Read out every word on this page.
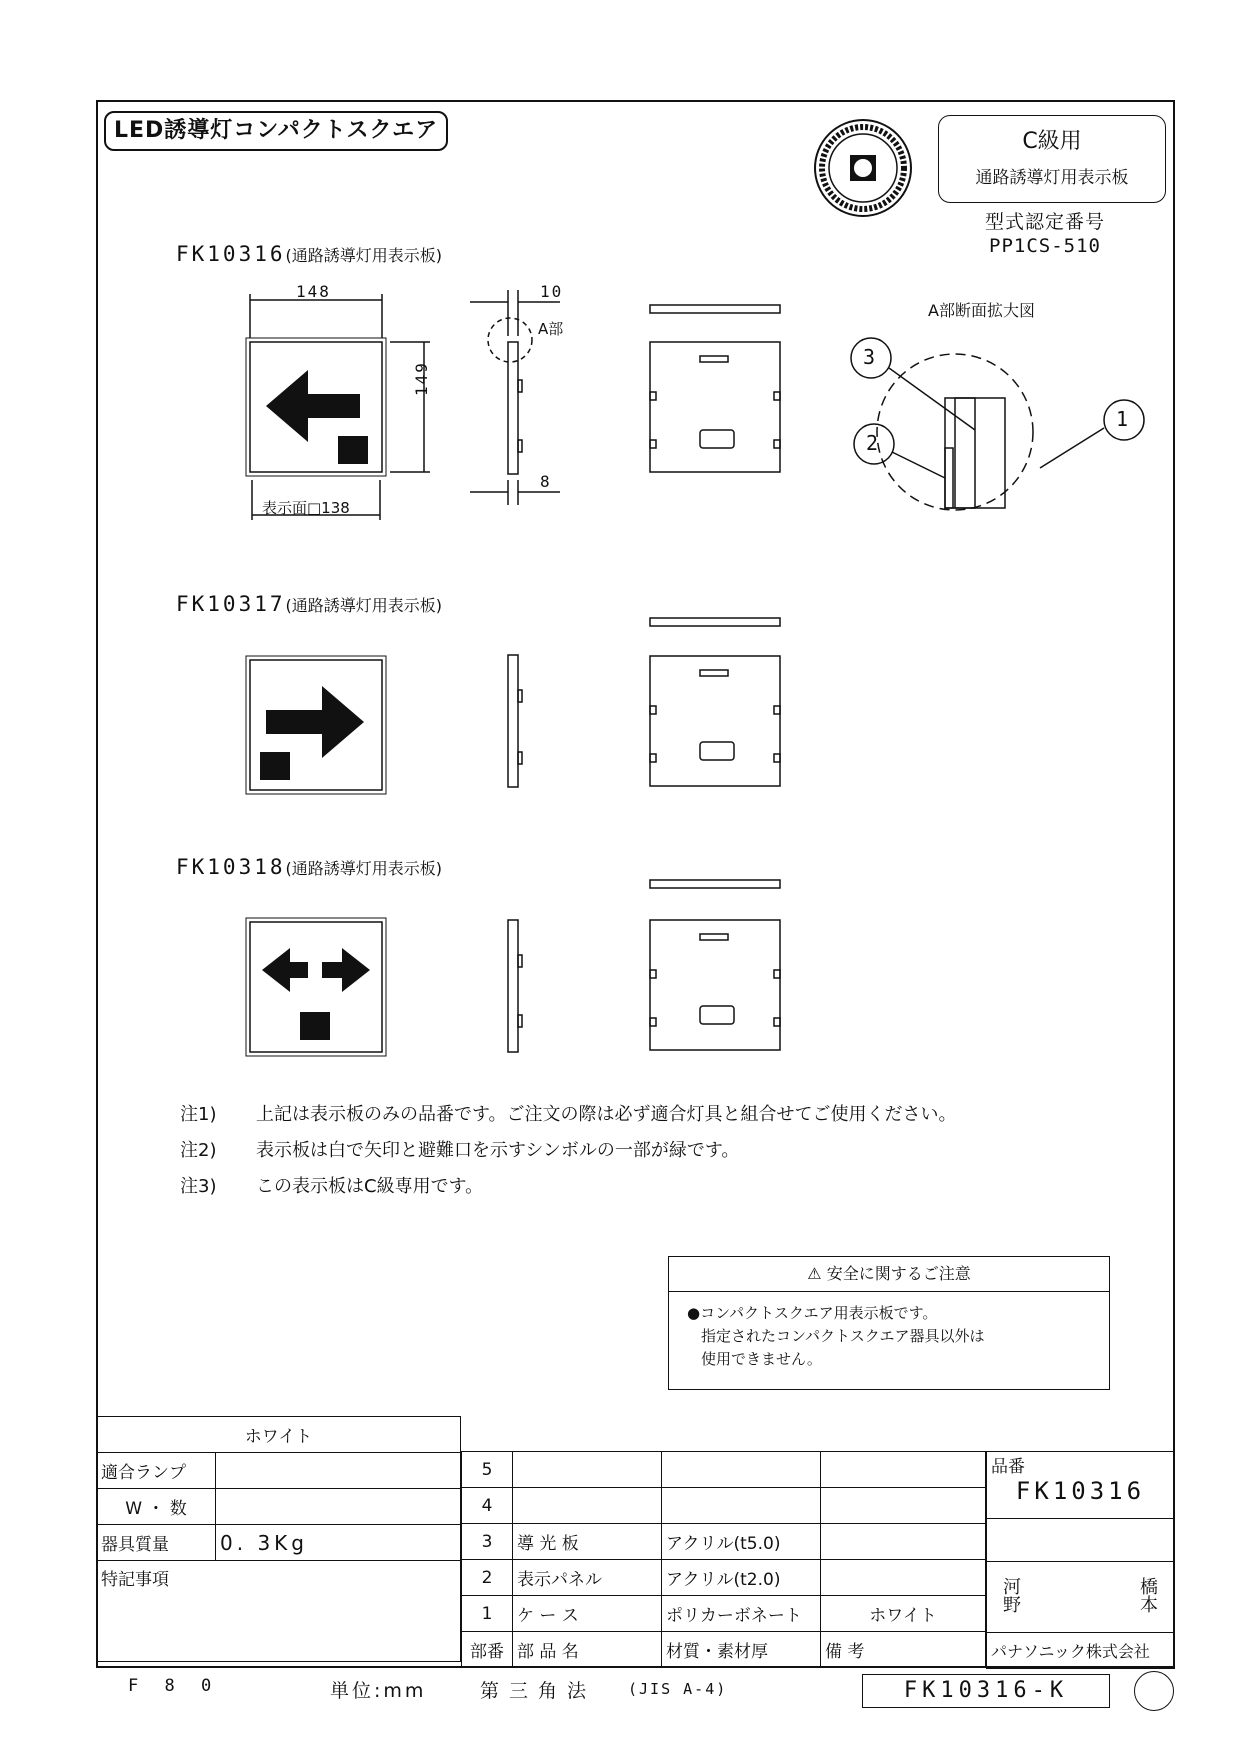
LED誘導灯コンパクトスクエア	C級用
通路誘導灯用表示板
型式認定番号
PP1CS-510
FK10316(通路誘導灯用表示板)
FK10317(通路誘導灯用表示板)
FK10318(通路誘導灯用表示板)
148
149
10
8
表示面□138
A部
A部断面拡大図
1
2
3
注1) 上記は表示板のみの品番です。ご注文の際は必ず適合灯具と組合せてご使用ください。
注2) 表示板は白で矢印と避難口を示すシンボルの一部が緑です。
注3) この表示板はC級専用です。
⚠ 安全に関するご注意
●コンパクトスクエア用表示板です。
指定されたコンパクトスクエア器具以外は
使用できません。
ホワイト	
適合ランプ	
W ・ 数	
器具質量	0. 3Kg
特記事項	
5			
4			
3	導 光 板	アクリル(t5.0)	
2	表示パネル	アクリル(t2.0)	
1	ケ ー ス	ポリカーボネート	ホワイト
部番	部 品 名	材質・素材厚	備 考
品番
FK10316

河	橋
野	本

パナソニック株式会社
F 8 0	単位:mm	第三角法 (JIS A-4)	FK10316-K
